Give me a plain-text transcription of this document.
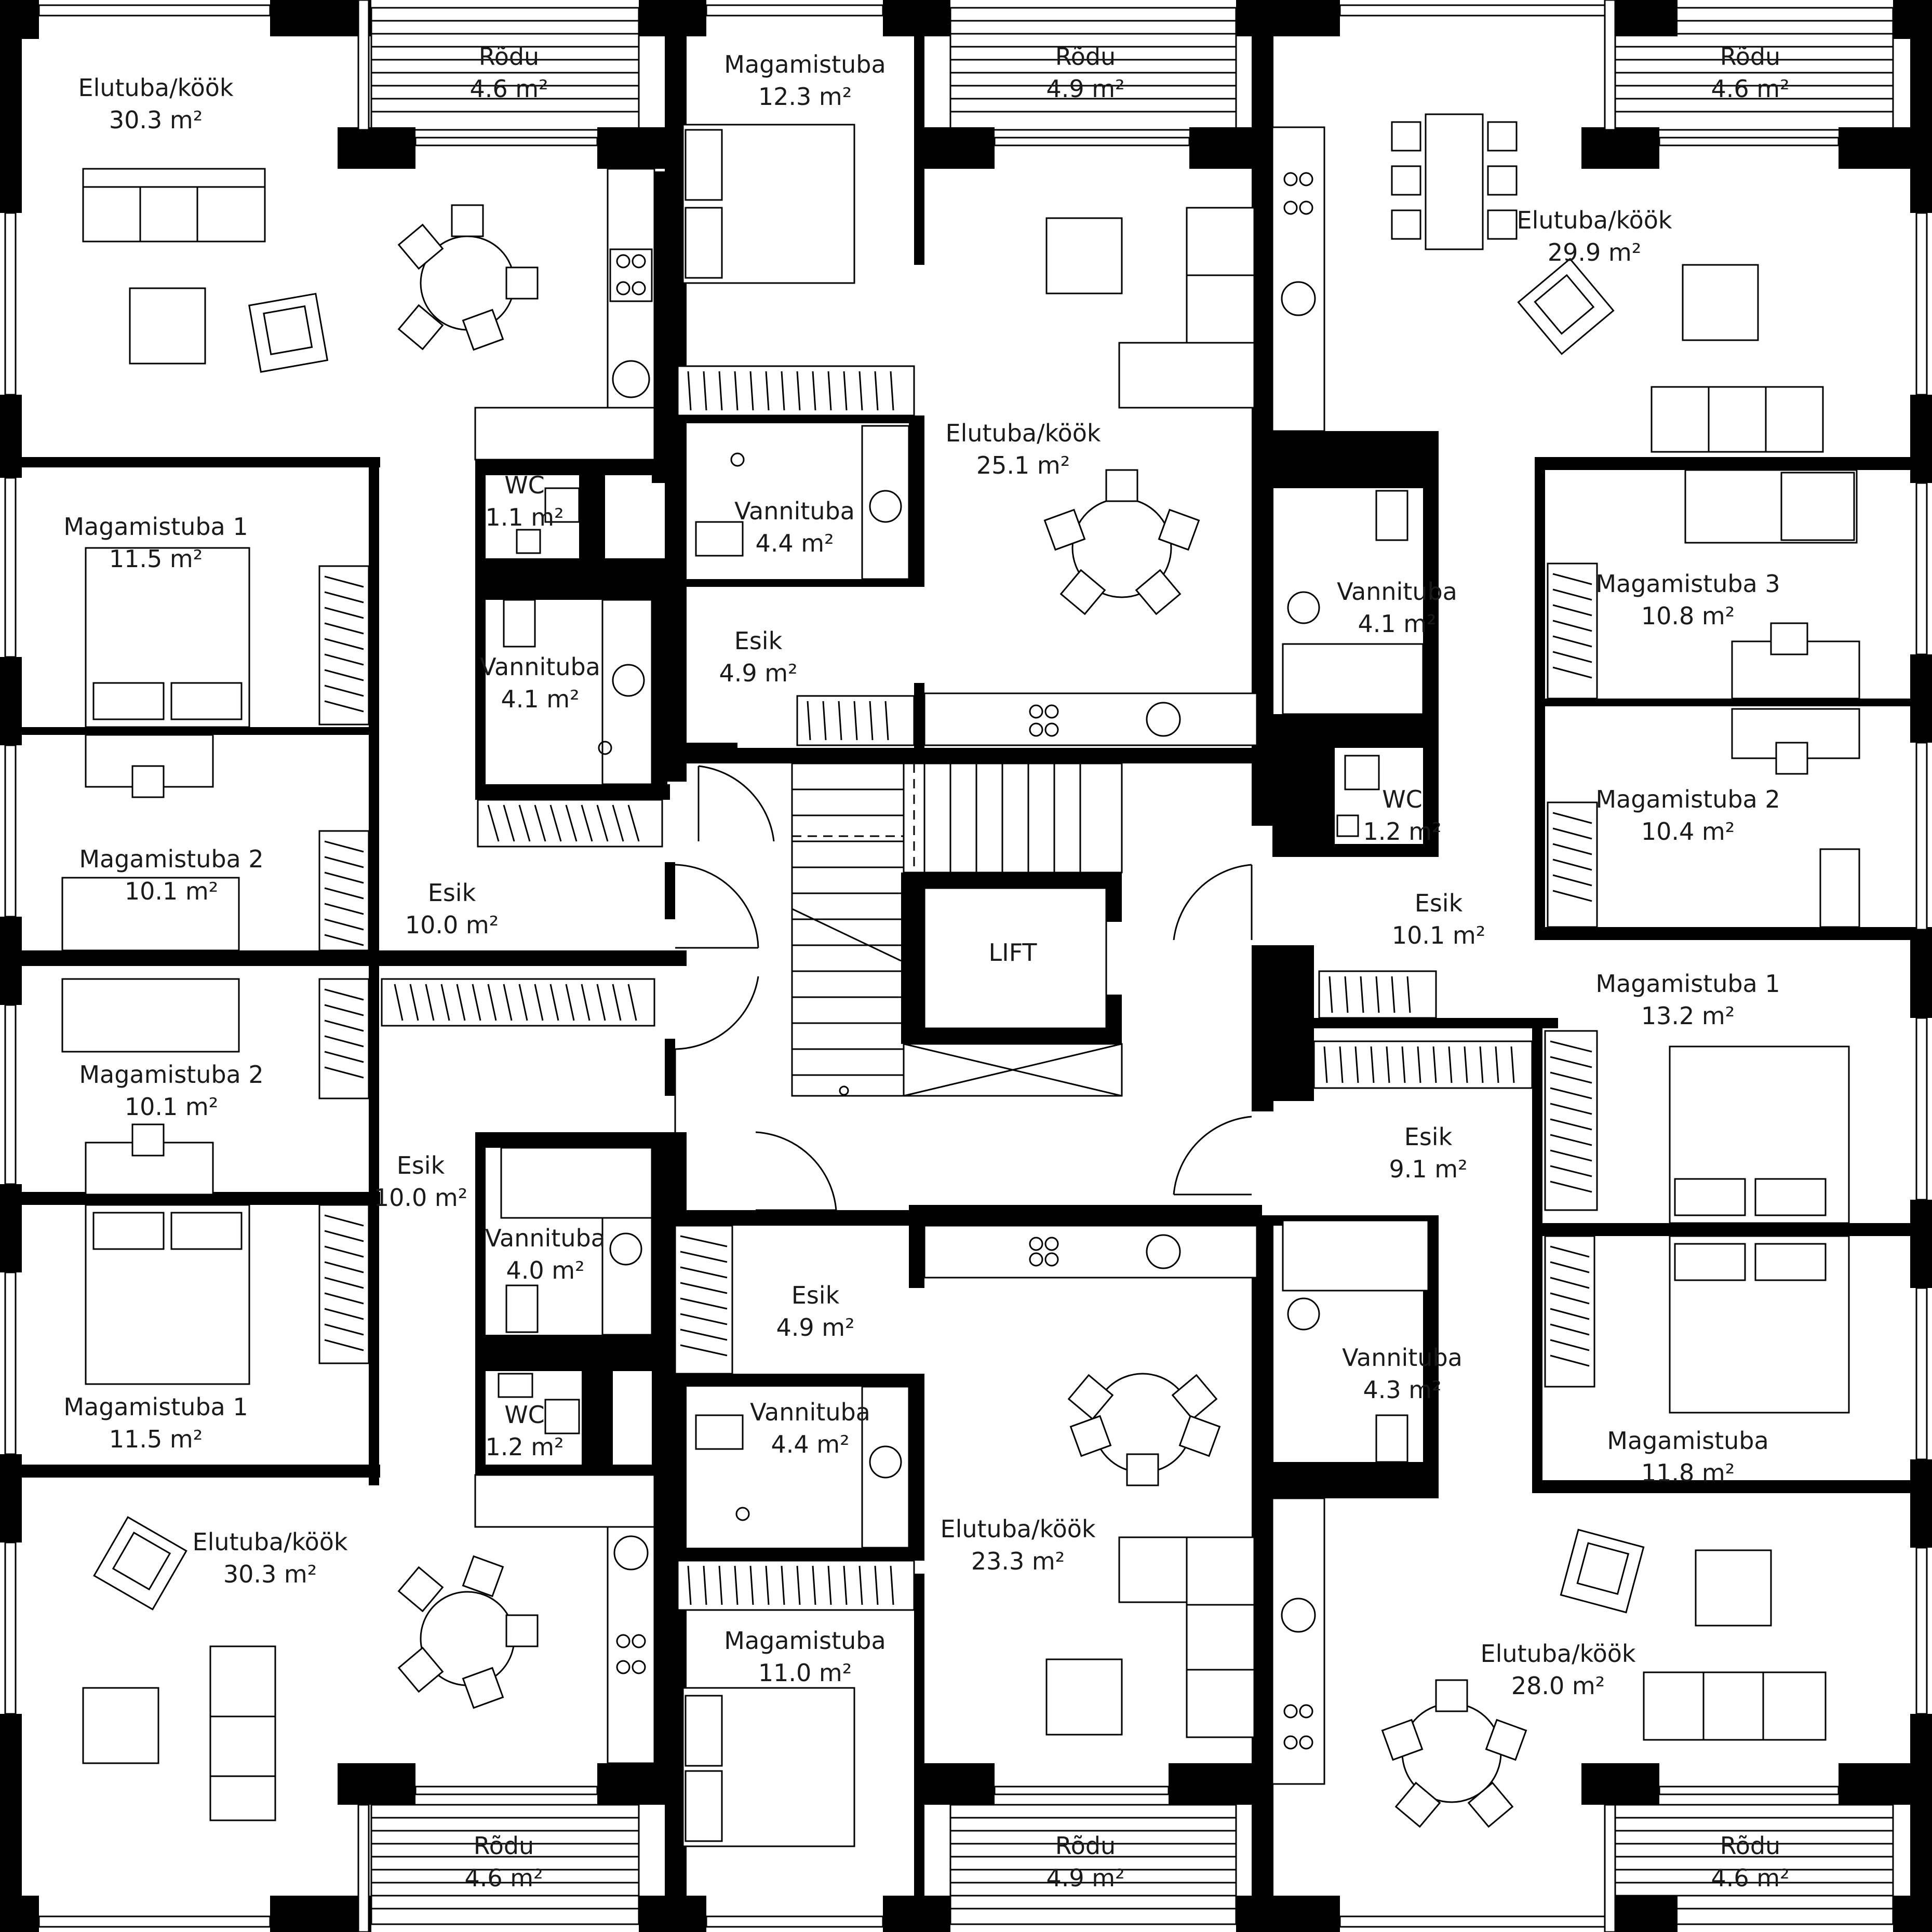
Elutuba/köök
30.3 m²
Rõdu
4.6 m²
WC
1.1 m²
Vannituba
4.1 m²
Magamistuba 1
11.5 m²
Magamistuba 2
10.1 m²	Esik
10.0 m²
Magamistuba
12.3 m²
Rõdu
4.9 m²
Vannituba
4.4 m²
Elutuba/köök
25.1 m²
Esik
4.9 m²
Rõdu
4.6 m²
Elutuba/köök
29.9 m²
Vannituba
4.1 m²
Magamistuba 3
10.8 m²
WC
1.2 m²
Magamistuba 2
10.4 m²
Esik
10.1 m²
LIFT
Magamistuba 2
10.1 m²
Esik
10.0 m²
Vannituba
4.0 m²
WC
1.2 m²
Magamistuba 1
11.5 m²
Elutuba/köök
30.3 m²
Rõdu
4.6 m²
Esik
4.9 m²
Vannituba
4.4 m²
Elutuba/köök
23.3 m²
Magamistuba
11.0 m²
Rõdu
4.9 m²
Magamistuba 1
13.2 m²
Esik
9.1 m²
Vannituba
4.3 m²
Magamistuba
11.8 m²
Elutuba/köök
28.0 m²
Rõdu
4.6 m²
